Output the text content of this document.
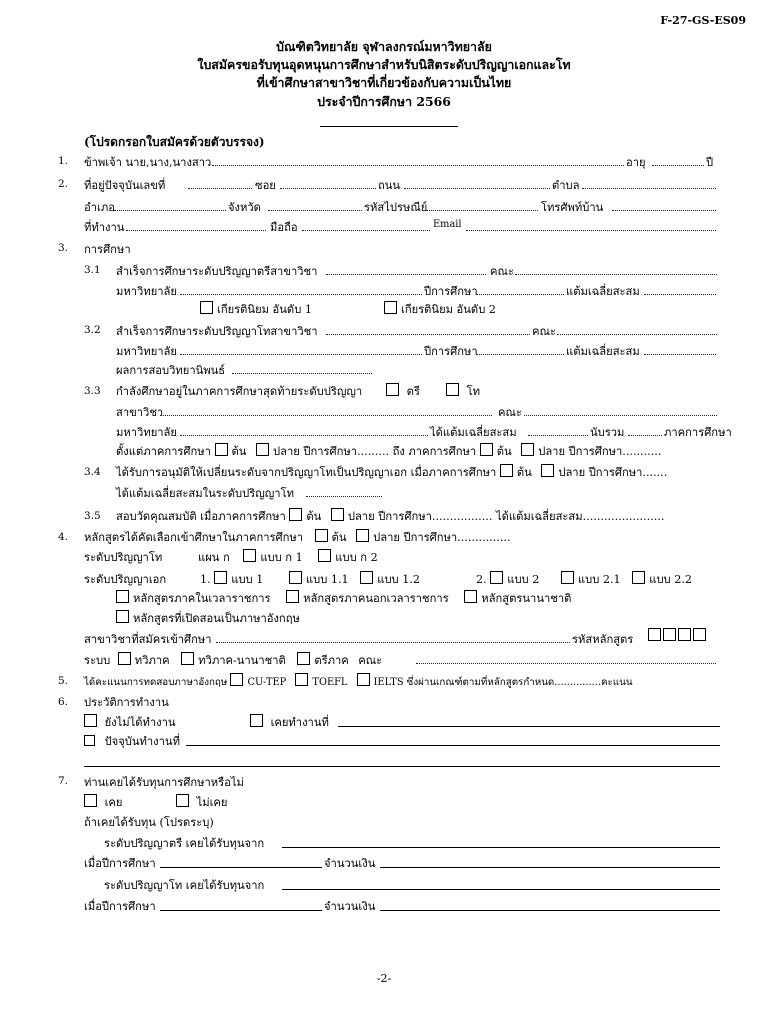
F-27-GS-ES09
บัณฑิตวิทยาลัย จุฬาลงกรณ์มหาวิทยาลัย
ใบสมัครขอรับทุนอุดหนุนการศึกษาสำหรับนิสิตระดับปริญญาเอกและโท
ที่เข้าศึกษาสาขาวิชาที่เกี่ยวข้องกับความเป็นไทย
ประจำปีการศึกษา 2566
(โปรดกรอกใบสมัครด้วยตัวบรรจง)
1. ข้าพเจ้า นาย,นาง,นางสาว	อายุ	ปี
2. ที่อยู่ปัจจุบันเลขที่	ซอย	ถนน	ตำบล
อำเภอ	จังหวัด	รหัสไปรษณีย์	โทรศัพท์บ้าน
ที่ทำงาน	มือถือ	Email
3. การศึกษา
3.1 สำเร็จการศึกษาระดับปริญญาตรีสาขาวิชา	คณะ
มหาวิทยาลัย	ปีการศึกษา	แต้มเฉลี่ยสะสม
เกียรตินิยม อันดับ 1	เกียรตินิยม อันดับ 2
3.2 สำเร็จการศึกษาระดับปริญญาโทสาขาวิชา	คณะ
มหาวิทยาลัย	ปีการศึกษา	แต้มเฉลี่ยสะสม
ผลการสอบวิทยานิพนธ์
3.3 กำลังศึกษาอยู่ในภาคการศึกษาสุดท้ายระดับปริญญา	ตรี	โท
สาขาวิชา	คณะ
มหาวิทยาลัย	ได้แต้มเฉลี่ยสะสม	นับรวม	ภาคการศึกษา
ตั้งแต่ภาคการศึกษา ต้น ปลาย ปีการศึกษา......... ถึง ภาคการศึกษา ต้น ปลาย ปีการศึกษา...........
3.4 ได้รับการอนุมัติให้เปลี่ยนระดับจากปริญญาโทเป็นปริญญาเอก เมื่อภาคการศึกษา ต้น ปลาย ปีการศึกษา.......
ได้แต้มเฉลี่ยสะสมในระดับปริญญาโท
3.5 สอบวัดคุณสมบัติ เมื่อภาคการศึกษา ต้น ปลาย ปีการศึกษา................. ได้แต้มเฉลี่ยสะสม.......................
4. หลักสูตรได้คัดเลือกเข้าศึกษาในภาคการศึกษา	ต้น ปลาย ปีการศึกษา...............
ระดับปริญญาโท	แผน ก	แบบ ก 1	แบบ ก 2
ระดับปริญญาเอก	1. แบบ 1	แบบ 1.1	แบบ 1.2	2. แบบ 2	แบบ 2.1	แบบ 2.2
หลักสูตรภาคในเวลาราชการ	หลักสูตรภาคนอกเวลาราชการ	หลักสูตรนานาชาติ
หลักสูตรที่เปิดสอนเป็นภาษาอังกฤษ
สาขาวิชาที่สมัครเข้าศึกษา	รหัสหลักสูตร
ระบบ ทวิภาค	ทวิภาค-นานาชาติ	ตรีภาค คณะ
5. ได้คะแนนการทดสอบภาษาอังกฤษ CU-TEP	TOEFL	IELTS ซึ่งผ่านเกณฑ์ตามที่หลักสูตรกำหนด...............คะแนน
6. ประวัติการทำงาน
ยังไม่ได้ทำงาน	เคยทำงานที่
ปัจจุบันทำงานที่
7. ท่านเคยได้รับทุนการศึกษาหรือไม่
เคย	ไม่เคย
ถ้าเคยได้รับทุน (โปรดระบุ)
ระดับปริญญาตรี เคยได้รับทุนจาก
เมื่อปีการศึกษา	จำนวนเงิน
ระดับปริญญาโท เคยได้รับทุนจาก
เมื่อปีการศึกษา	จำนวนเงิน
-2-
